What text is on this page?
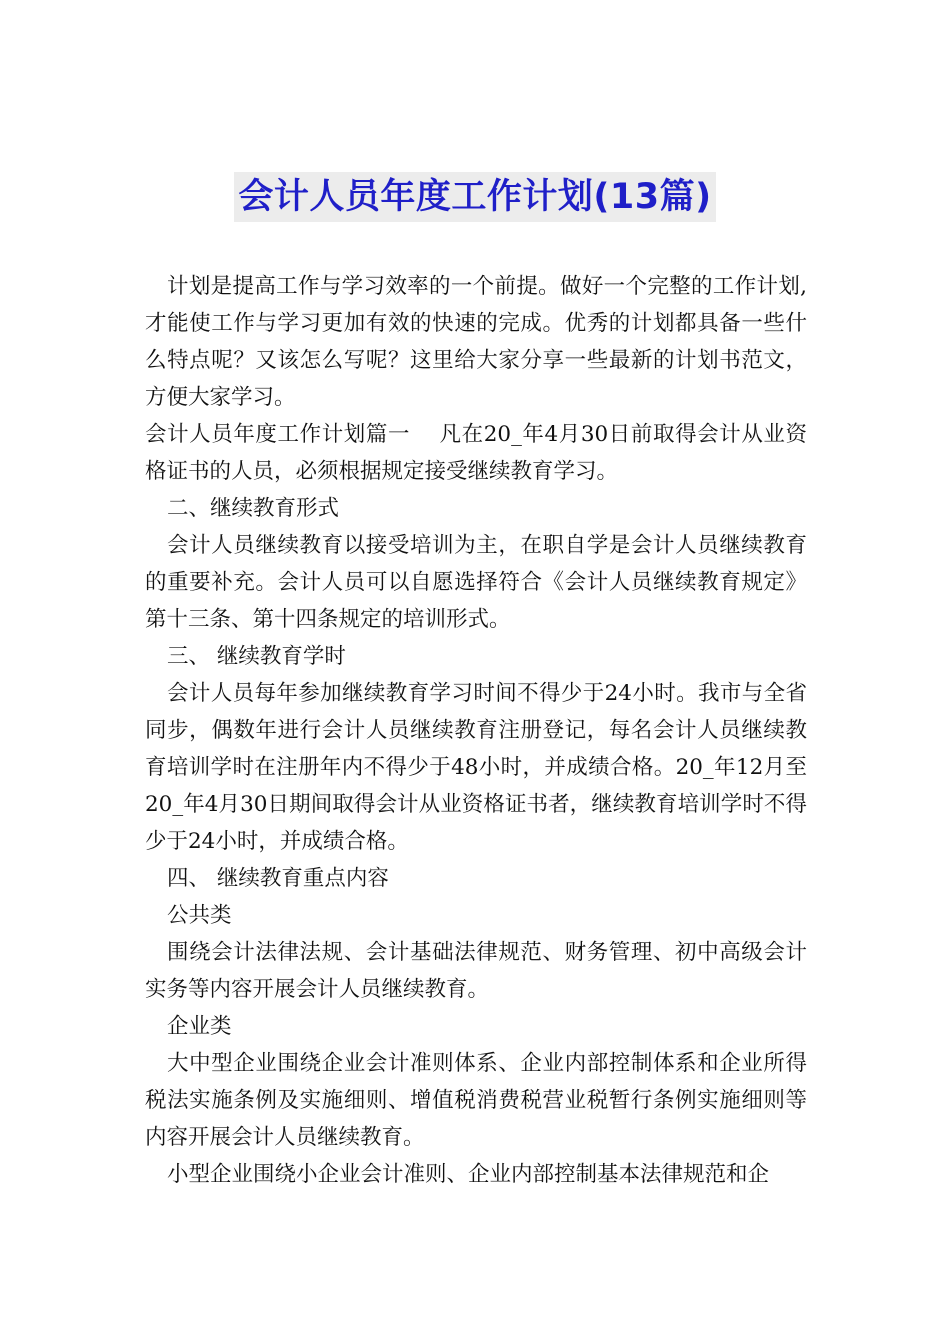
会计人员年度工作计划(13篇)

计划是提高工作与学习效率的一个前提。做好一个完整的工作计划,才能使工作与学习更加有效的快速的完成。优秀的计划都具备一些什么特点呢？又该怎么写呢？这里给大家分享一些最新的计划书范文，方便大家学习。

会计人员年度工作计划篇一　 凡在20_年4月30日前取得会计从业资格证书的人员，必须根据规定接受继续教育学习。

二、继续教育形式

会计人员继续教育以接受培训为主，在职自学是会计人员继续教育的重要补充。会计人员可以自愿选择符合《会计人员继续教育规定》第十三条、第十四条规定的培训形式。

三、 继续教育学时

会计人员每年参加继续教育学习时间不得少于24小时。我市与全省同步，偶数年进行会计人员继续教育注册登记，每名会计人员继续教育培训学时在注册年内不得少于48小时，并成绩合格。20_年12月至20_年4月30日期间取得会计从业资格证书者，继续教育培训学时不得少于24小时，并成绩合格。

四、 继续教育重点内容

公共类

围绕会计法律法规、会计基础法律规范、财务管理、初中高级会计实务等内容开展会计人员继续教育。

企业类

大中型企业围绕企业会计准则体系、企业内部控制体系和企业所得税法实施条例及实施细则、增值税消费税营业税暂行条例实施细则等内容开展会计人员继续教育。

小型企业围绕小企业会计准则、企业内部控制基本法律规范和企
